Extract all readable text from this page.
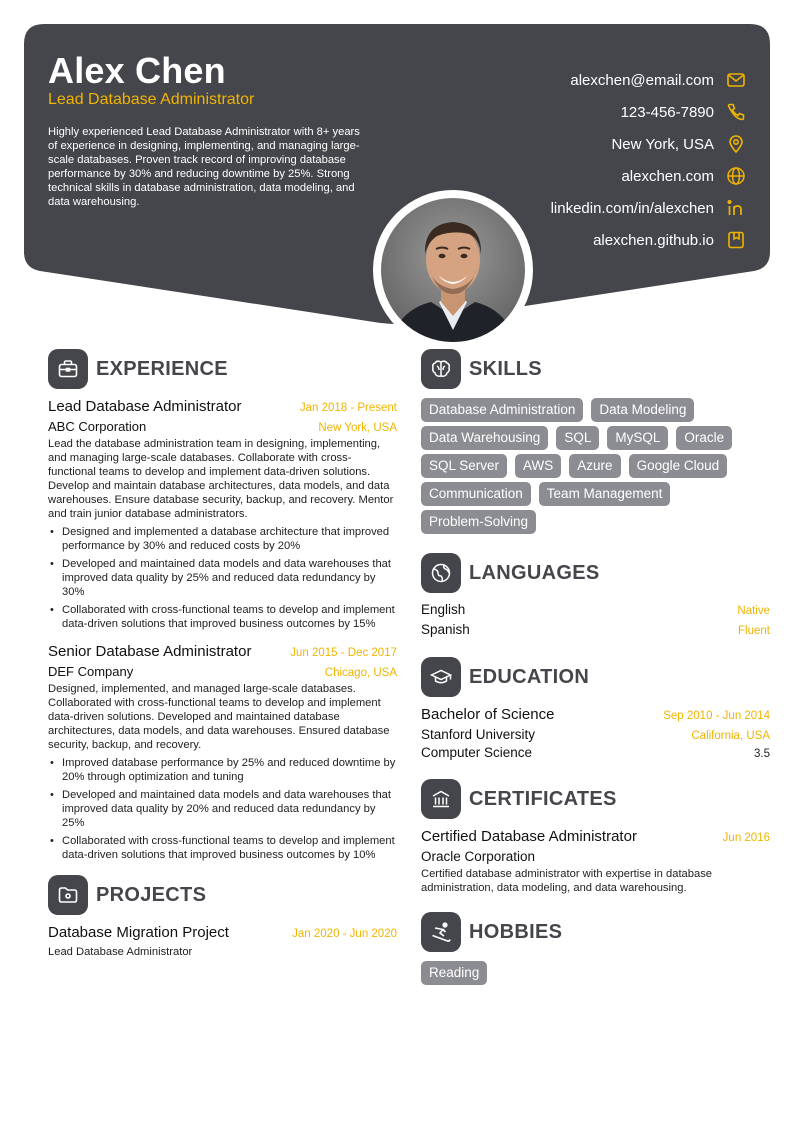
Alex Chen
Lead Database Administrator
Highly experienced Lead Database Administrator with 8+ years of experience in designing, implementing, and managing large-scale databases. Proven track record of improving database performance by 30% and reducing downtime by 25%. Strong technical skills in database administration, data modeling, and data warehousing.
alexchen@email.com
123-456-7890
New York, USA
alexchen.com
linkedin.com/in/alexchen
alexchen.github.io
EXPERIENCE
Lead Database Administrator	Jan 2018 - Present
ABC Corporation	New York, USA
Lead the database administration team in designing, implementing, and managing large-scale databases. Collaborate with cross-functional teams to develop and implement data-driven solutions. Develop and maintain database architectures, data models, and data warehouses. Ensure database security, backup, and recovery. Mentor and train junior database administrators.
• Designed and implemented a database architecture that improved performance by 30% and reduced costs by 20%
• Developed and maintained data models and data warehouses that improved data quality by 25% and reduced data redundancy by 30%
• Collaborated with cross-functional teams to develop and implement data-driven solutions that improved business outcomes by 15%
Senior Database Administrator	Jun 2015 - Dec 2017
DEF Company	Chicago, USA
Designed, implemented, and managed large-scale databases. Collaborated with cross-functional teams to develop and implement data-driven solutions. Developed and maintained database architectures, data models, and data warehouses. Ensured database security, backup, and recovery.
• Improved database performance by 25% and reduced downtime by 20% through optimization and tuning
• Developed and maintained data models and data warehouses that improved data quality by 20% and reduced data redundancy by 25%
• Collaborated with cross-functional teams to develop and implement data-driven solutions that improved business outcomes by 10%
PROJECTS
Database Migration Project	Jan 2020 - Jun 2020
Lead Database Administrator
SKILLS
Database Administration	Data Modeling
Data Warehousing	SQL	MySQL	Oracle
SQL Server	AWS	Azure	Google Cloud
Communication	Team Management
Problem-Solving
LANGUAGES
English	Native
Spanish	Fluent
EDUCATION
Bachelor of Science	Sep 2010 - Jun 2014
Stanford University	California, USA
Computer Science	3.5
CERTIFICATES
Certified Database Administrator	Jun 2016
Oracle Corporation
Certified database administrator with expertise in database administration, data modeling, and data warehousing.
HOBBIES
Reading
